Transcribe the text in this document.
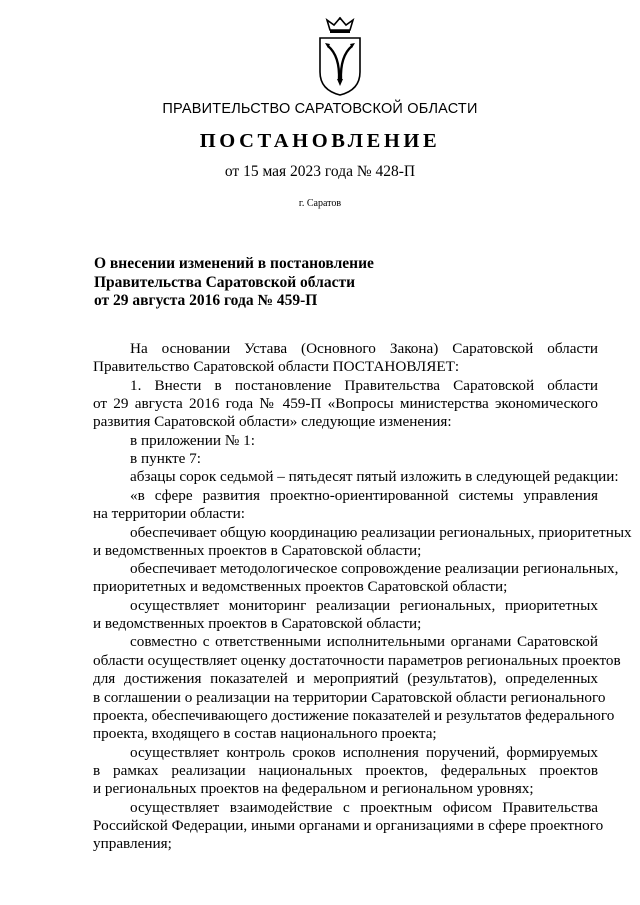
ПРАВИТЕЛЬСТВО САРАТОВСКОЙ ОБЛАСТИ
ПОСТАНОВЛЕНИЕ
от 15 мая 2023 года № 428-П
г. Саратов
О внесении изменений в постановление
Правительства Саратовской области
от 29 августа 2016 года № 459-П
На основании Устава (Основного Закона) Саратовской области
Правительство Саратовской области ПОСТАНОВЛЯЕТ:
1. Внести в постановление Правительства Саратовской области
от 29 августа 2016 года № 459-П «Вопросы министерства экономического
развития Саратовской области» следующие изменения:
в приложении № 1:
в пункте 7:
абзацы сорок седьмой – пятьдесят пятый изложить в следующей редакции:
«в сфере развития проектно-ориентированной системы управления
на территории области:
обеспечивает общую координацию реализации региональных, приоритетных
и ведомственных проектов в Саратовской области;
обеспечивает методологическое сопровождение реализации региональных,
приоритетных и ведомственных проектов Саратовской области;
осуществляет мониторинг реализации региональных, приоритетных
и ведомственных проектов в Саратовской области;
совместно с ответственными исполнительными органами Саратовской
области осуществляет оценку достаточности параметров региональных проектов
для достижения показателей и мероприятий (результатов), определенных
в соглашении о реализации на территории Саратовской области регионального
проекта, обеспечивающего достижение показателей и результатов федерального
проекта, входящего в состав национального проекта;
осуществляет контроль сроков исполнения поручений, формируемых
в рамках реализации национальных проектов, федеральных проектов
и региональных проектов на федеральном и региональном уровнях;
осуществляет взаимодействие с проектным офисом Правительства
Российской Федерации, иными органами и организациями в сфере проектного
управления;
